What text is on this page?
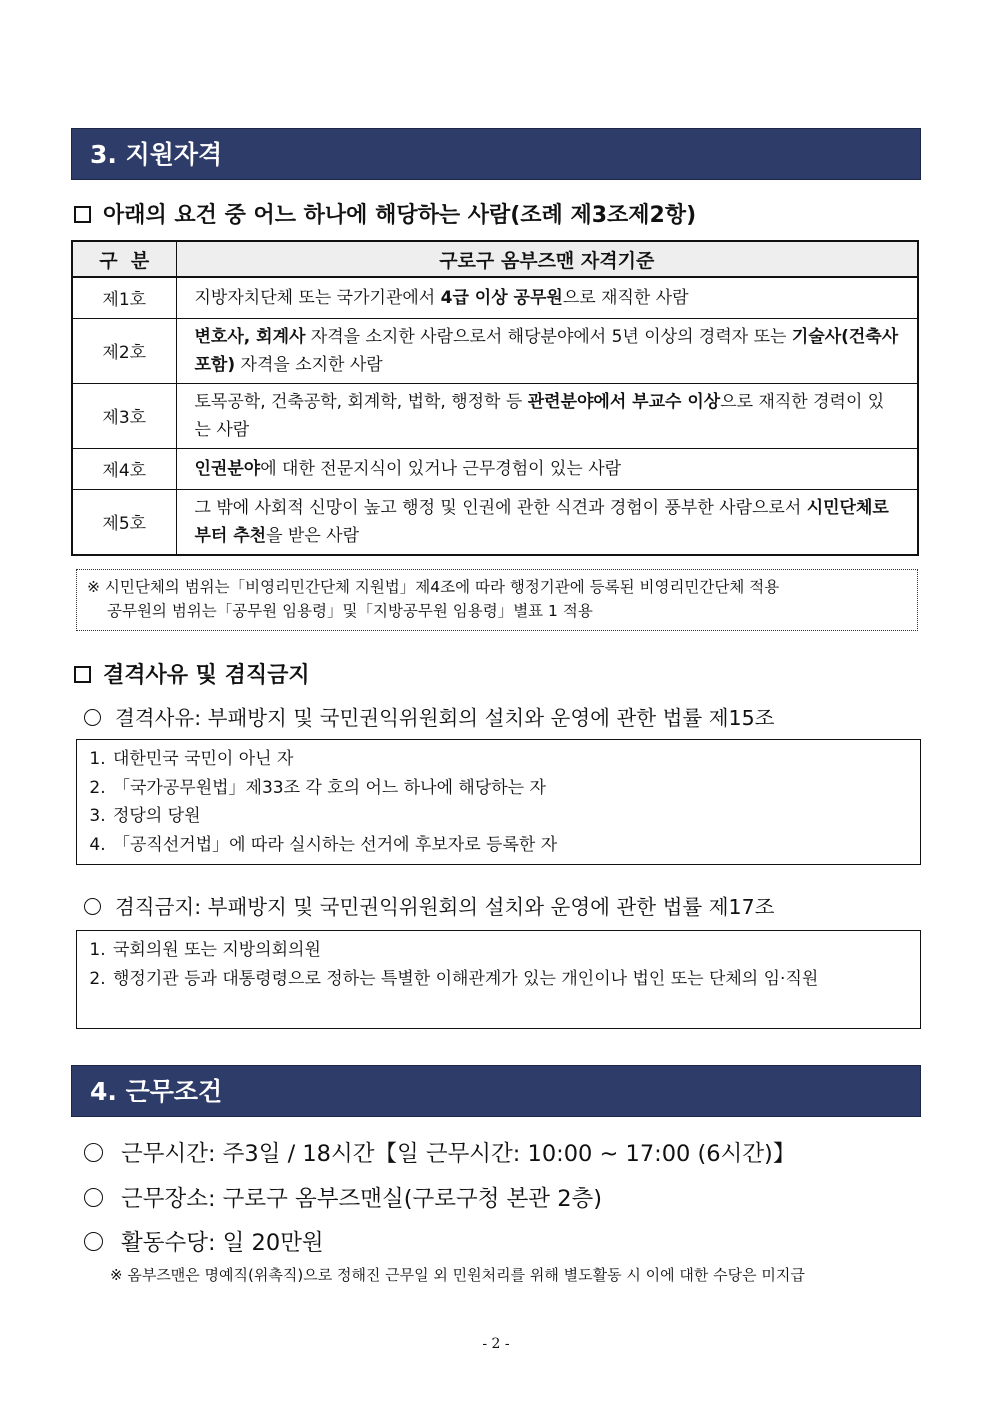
3. 지원자격
아래의 요건 중 어느 하나에 해당하는 사람(조례 제3조제2항)
구  분	구로구 옴부즈맨 자격기준
제1호	지방자치단체 또는 국가기관에서 4급 이상 공무원으로 재직한 사람
제2호	변호사, 회계사 자격을 소지한 사람으로서 해당분야에서 5년 이상의 경력자 또는 기술사(건축사 포함) 자격을 소지한 사람
제3호	토목공학, 건축공학, 회계학, 법학, 행정학 등 관련분야에서 부교수 이상으로 재직한 경력이 있는 사람
제4호	인권분야에 대한 전문지식이 있거나 근무경험이 있는 사람
제5호	그 밖에 사회적 신망이 높고 행정 및 인권에 관한 식견과 경험이 풍부한 사람으로서 시민단체로부터 추천을 받은 사람
※ 시민단체의 범위는「비영리민간단체 지원법」제4조에 따라 행정기관에 등록된 비영리민간단체 적용
공무원의 범위는「공무원 임용령」및「지방공무원 임용령」별표 1 적용
결격사유 및 겸직금지
결격사유: 부패방지 및 국민권익위원회의 설치와 운영에 관한 법률 제15조
1. 대한민국 국민이 아닌 자
2. 「국가공무원법」제33조 각 호의 어느 하나에 해당하는 자
3. 정당의 당원
4. 「공직선거법」에 따라 실시하는 선거에 후보자로 등록한 자
겸직금지: 부패방지 및 국민권익위원회의 설치와 운영에 관한 법률 제17조
1. 국회의원 또는 지방의회의원
2. 행정기관 등과 대통령령으로 정하는 특별한 이해관계가 있는 개인이나 법인 또는 단체의 임·직원
4. 근무조건
근무시간: 주3일 / 18시간【일 근무시간: 10:00 ~ 17:00 (6시간)】
근무장소: 구로구 옴부즈맨실(구로구청 본관 2층)
활동수당: 일 20만원
※ 옴부즈맨은 명예직(위촉직)으로 정해진 근무일 외 민원처리를 위해 별도활동 시 이에 대한 수당은 미지급
- 2 -
